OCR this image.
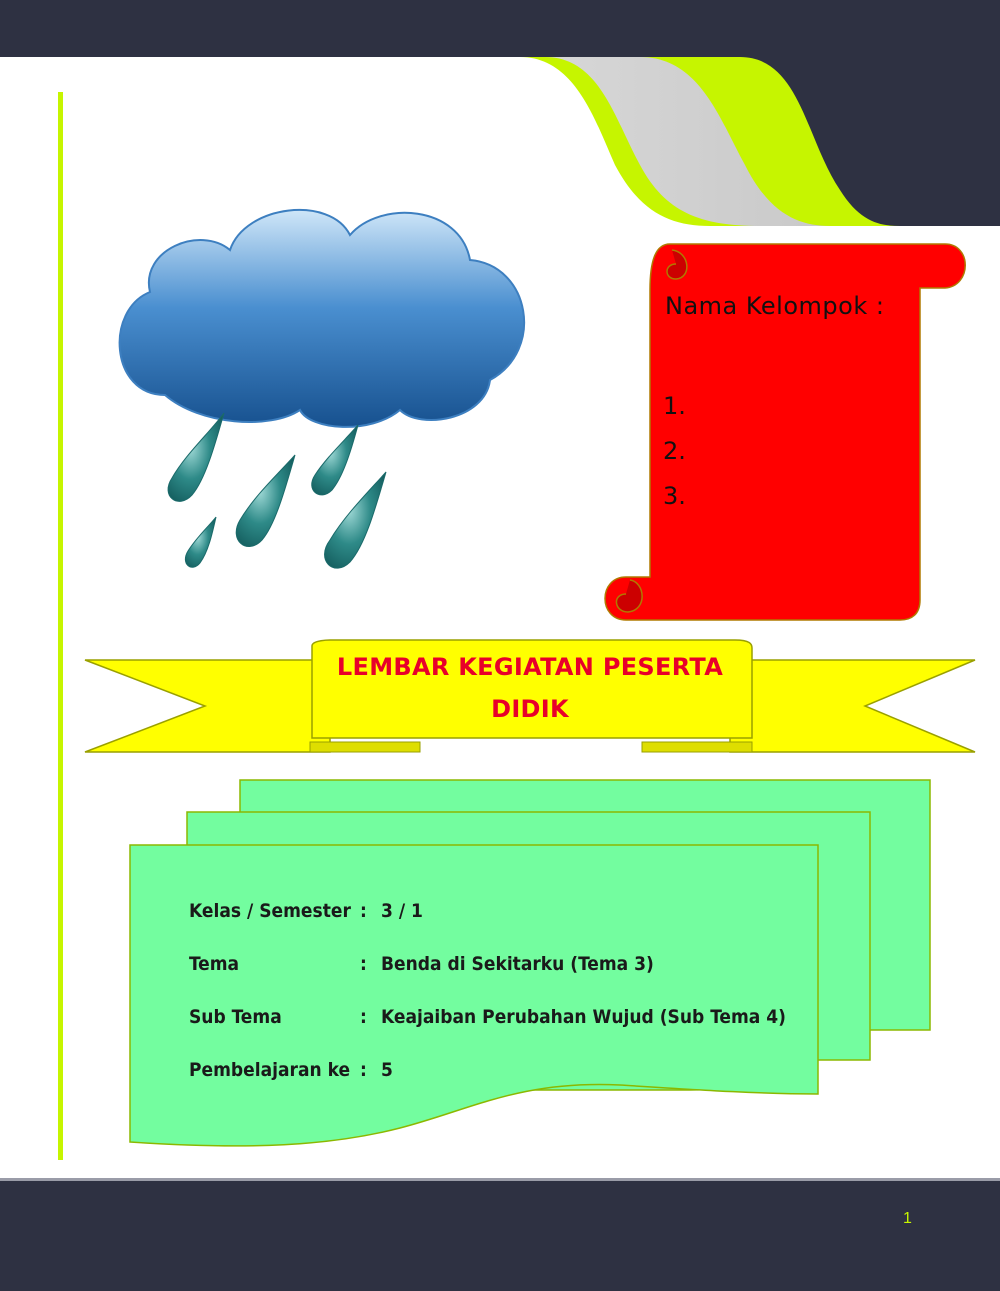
Nama Kelompok :
1.
2.
3.
LEMBAR KEGIATAN PESERTA DIDIK
Kelas / Semester : 3 / 1
Tema	: Benda di Sekitarku (Tema 3)
Sub Tema	: Keajaiban Perubahan Wujud (Sub Tema 4)
Pembelajaran ke : 5
1
